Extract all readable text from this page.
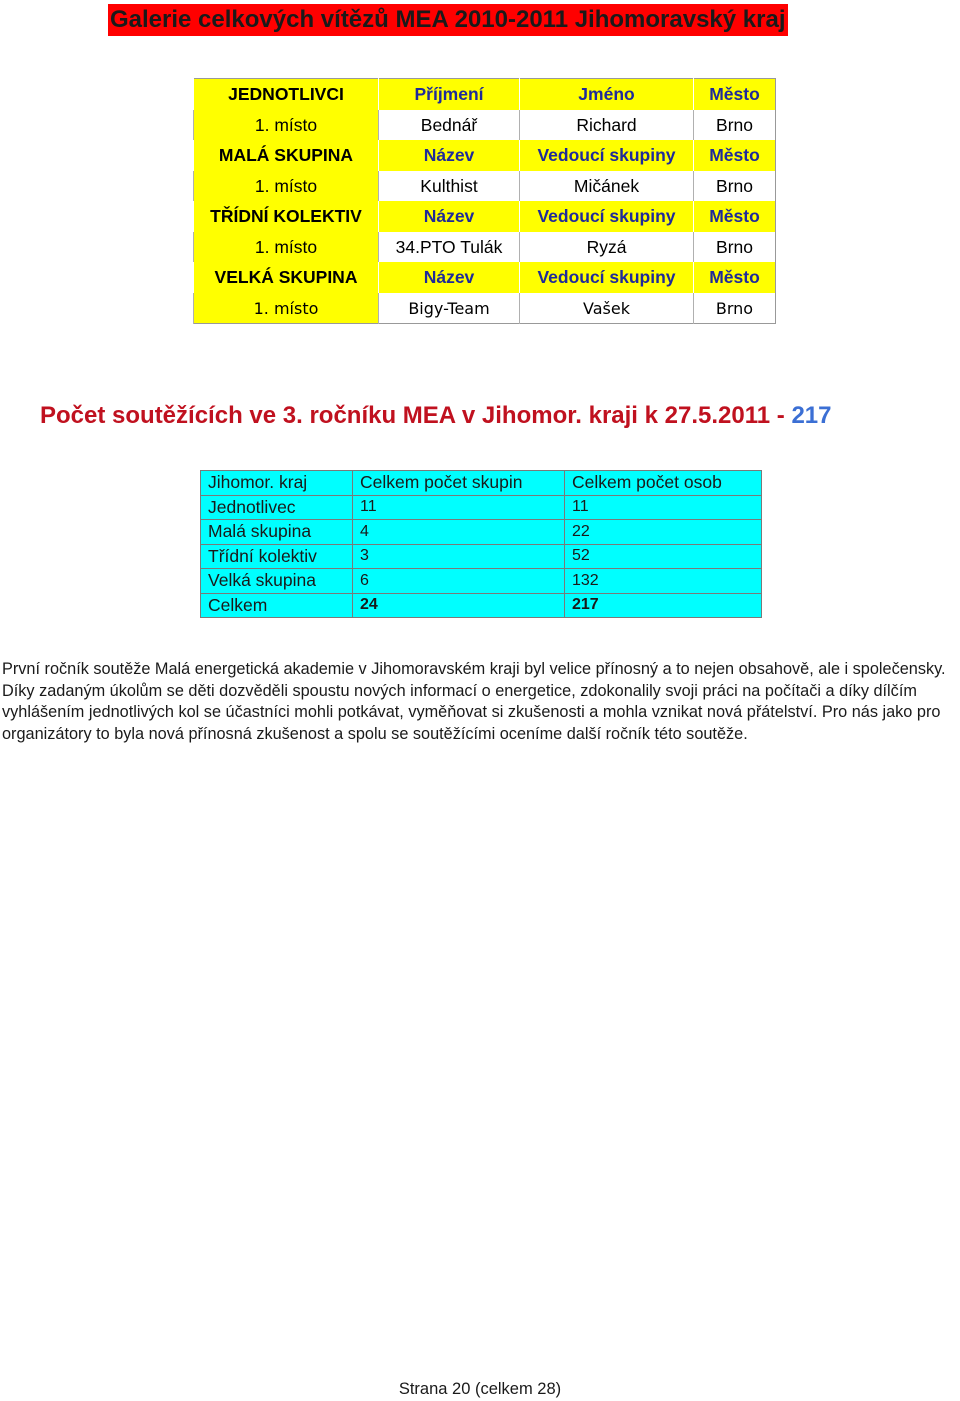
Galerie celkových vítězů MEA 2010-2011 Jihomoravský kraj
JEDNOTLIVCI	Příjmení	Jméno	Město
1. místo	Bednář	Richard	Brno
MALÁ SKUPINA	Název	Vedoucí skupiny	Město
1. místo	Kulthist	Mičánek	Brno
TŘÍDNÍ KOLEKTIV	Název	Vedoucí skupiny	Město
1. místo	34.PTO Tulák	Ryzá	Brno
VELKÁ SKUPINA	Název	Vedoucí skupiny	Město
1. místo	Bigy-Team	Vašek	Brno
Počet soutěžících ve 3. ročníku MEA v Jihomor. kraji k 27.5.2011 - 217
Jihomor. kraj	Celkem počet skupin	Celkem počet osob
Jednotlivec	11	11
Malá skupina	4	22
Třídní kolektiv	3	52
Velká skupina	6	132
Celkem	24	217

První ročník soutěže Malá energetická akademie v Jihomoravském kraji byl velice přínosný a to nejen obsahově, ale i společensky. Díky zadaným úkolům se děti dozvěděli spoustu nových informací o energetice, zdokonalily svoji práci na počítači a díky dílčím vyhlášením jednotlivých kol se účastníci mohli potkávat, vyměňovat si zkušenosti a mohla vznikat nová přátelství. Pro nás jako pro organizátory to byla nová přínosná zkušenost a spolu se soutěžícími oceníme další ročník této soutěže.

Strana 20 (celkem 28)
